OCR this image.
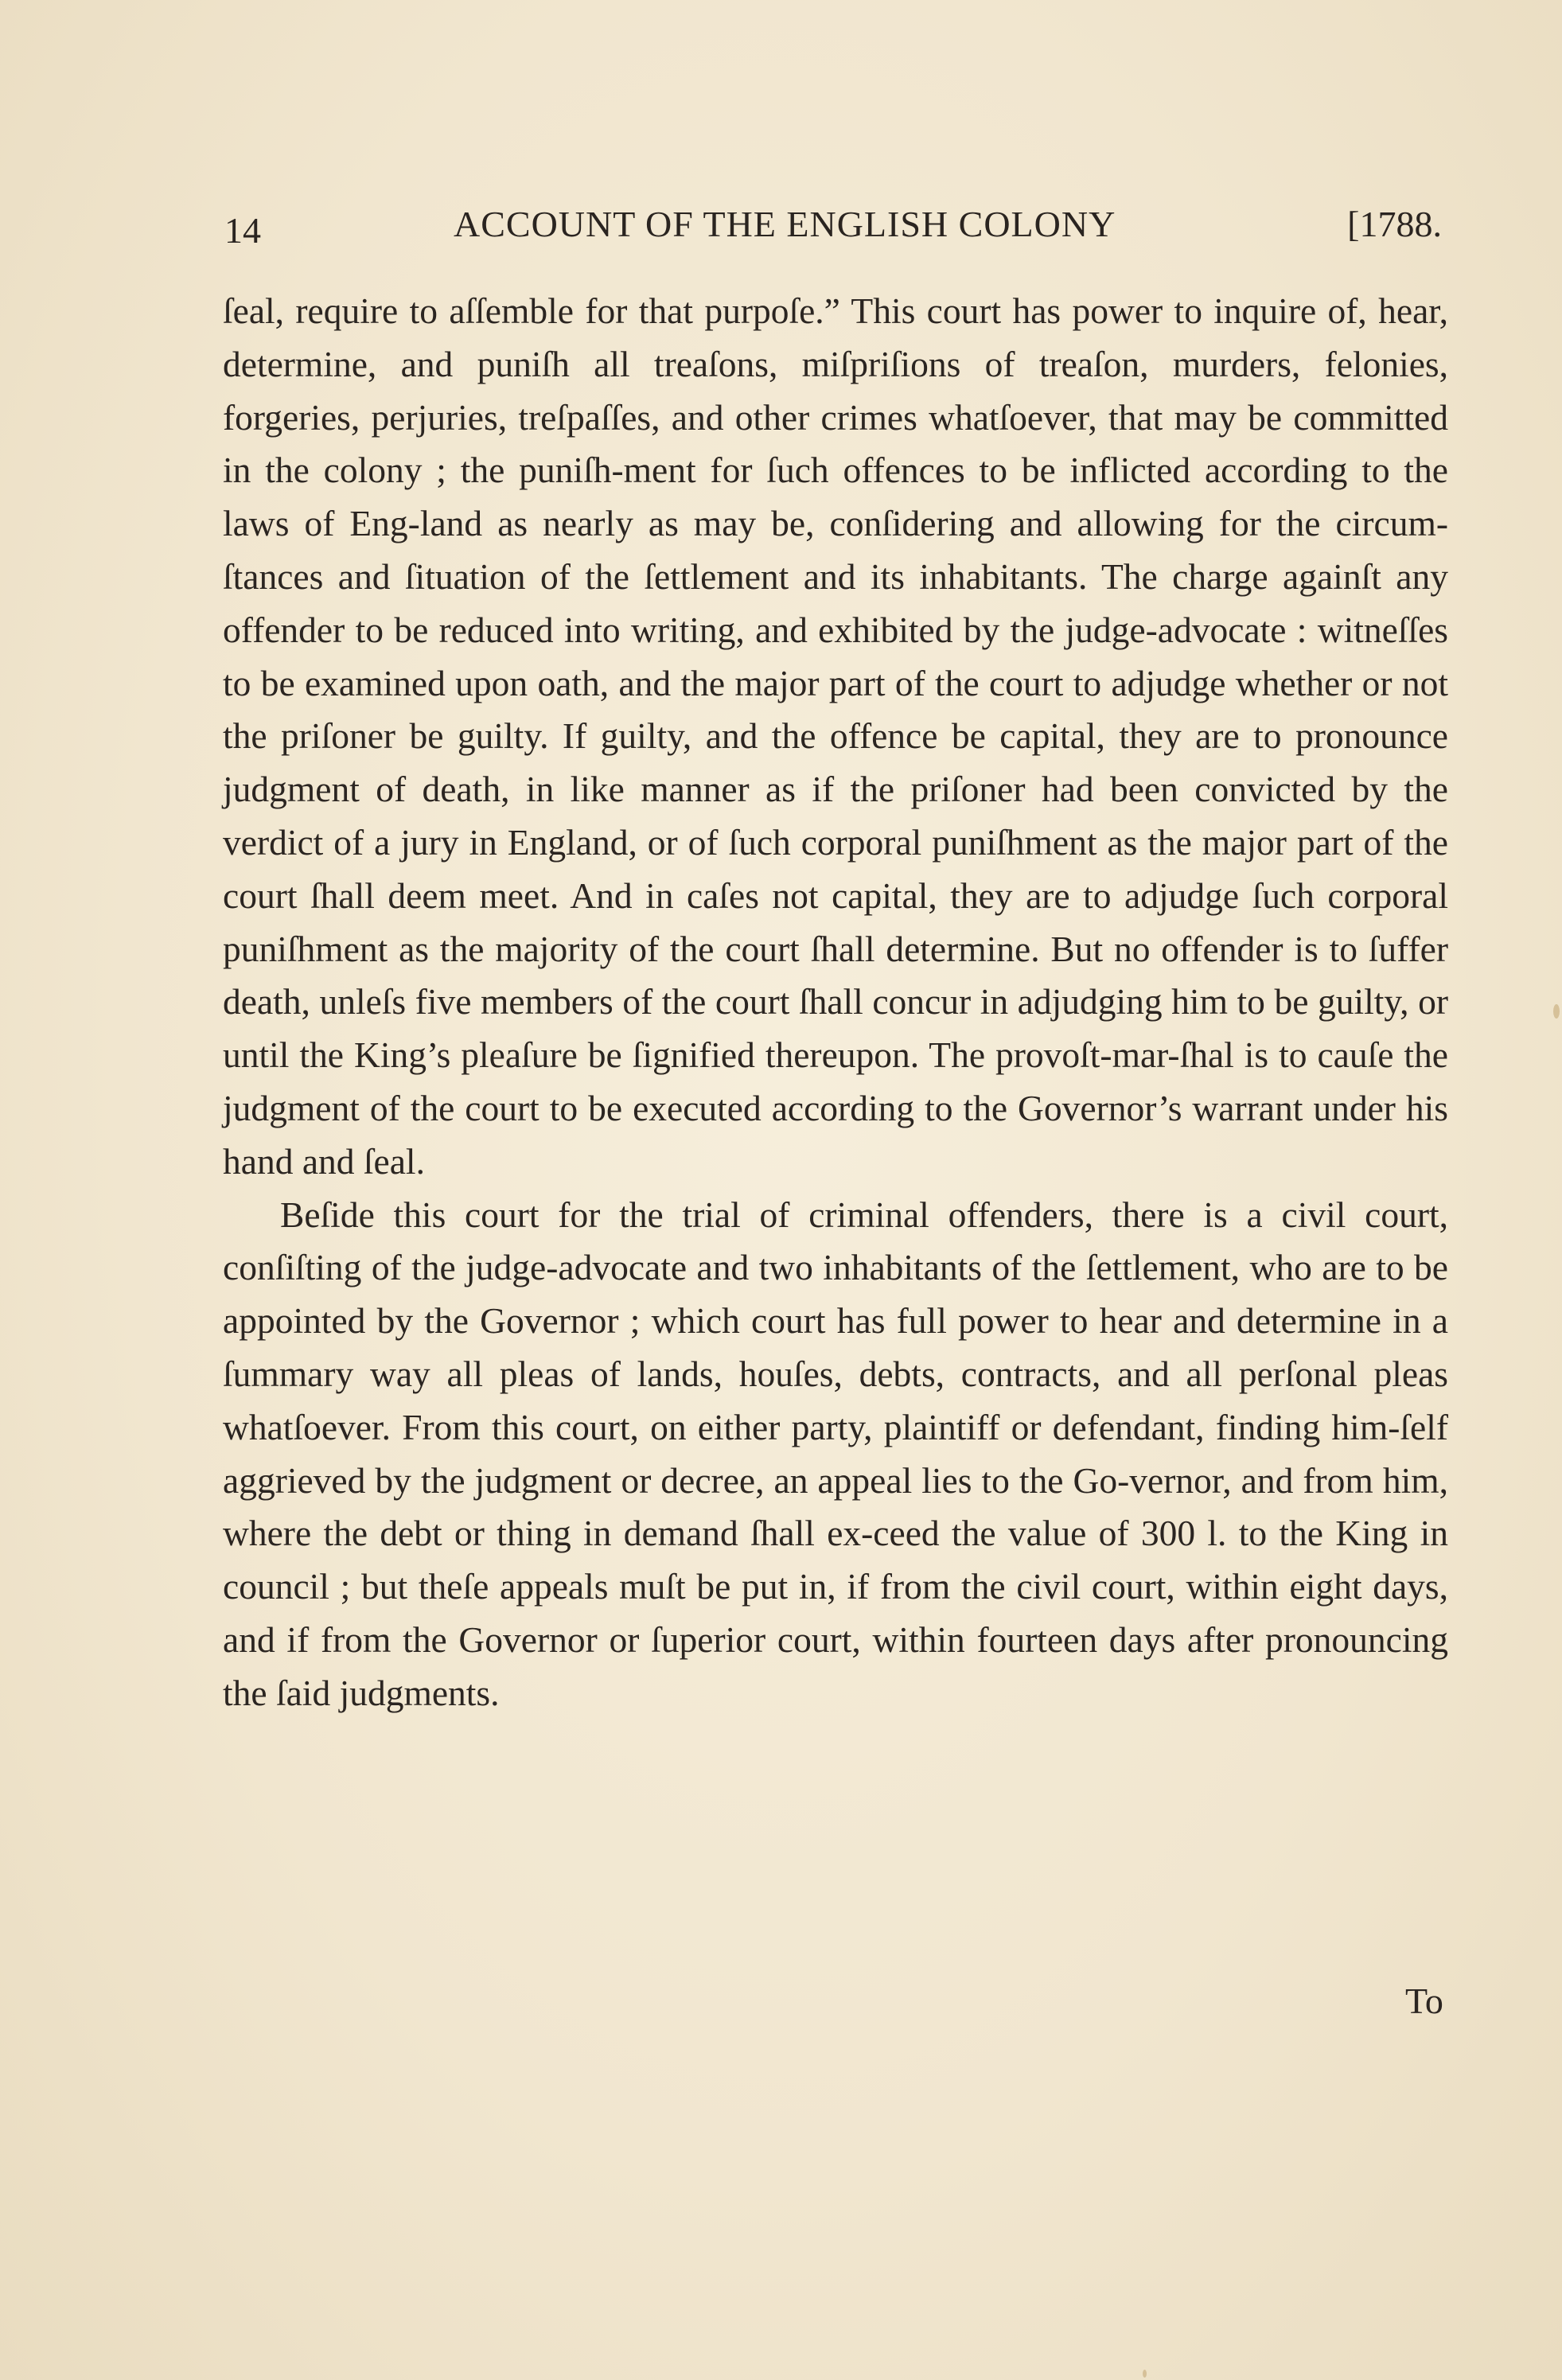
14	ACCOUNT OF THE ENGLISH COLONY	[1788.

ſeal, require to aſſemble for that purpoſe.” This court has power to inquire of, hear, determine, and puniſh all treaſons, miſpriſions of treaſon, murders, felonies, forgeries, perjuries, treſpaſſes, and other crimes whatſoever, that may be committed in the colony ; the puniſh-ment for ſuch offences to be inflicted according to the laws of Eng-land as nearly as may be, conſidering and allowing for the circum-ſtances and ſituation of the ſettlement and its inhabitants. The charge againſt any offender to be reduced into writing, and exhibited by the judge-advocate : witneſſes to be examined upon oath, and the major part of the court to adjudge whether or not the priſoner be guilty. If guilty, and the offence be capital, they are to pronounce judgment of death, in like manner as if the priſoner had been convicted by the verdict of a jury in England, or of ſuch corporal puniſhment as the major part of the court ſhall deem meet. And in caſes not capital, they are to adjudge ſuch corporal puniſhment as the majority of the court ſhall determine. But no offender is to ſuffer death, unleſs five members of the court ſhall concur in adjudging him to be guilty, or until the King’s pleaſure be ſignified thereupon. The provoſt-mar-ſhal is to cauſe the judgment of the court to be executed according to the Governor’s warrant under his hand and ſeal.

Beſide this court for the trial of criminal offenders, there is a civil court, conſiſting of the judge-advocate and two inhabitants of the ſettlement, who are to be appointed by the Governor ; which court has full power to hear and determine in a ſummary way all pleas of lands, houſes, debts, contracts, and all perſonal pleas whatſoever. From this court, on either party, plaintiff or defendant, finding him-ſelf aggrieved by the judgment or decree, an appeal lies to the Go-vernor, and from him, where the debt or thing in demand ſhall ex-ceed the value of 300 l. to the King in council ; but theſe appeals muſt be put in, if from the civil court, within eight days, and if from the Governor or ſuperior court, within fourteen days after pronouncing the ſaid judgments.

To
